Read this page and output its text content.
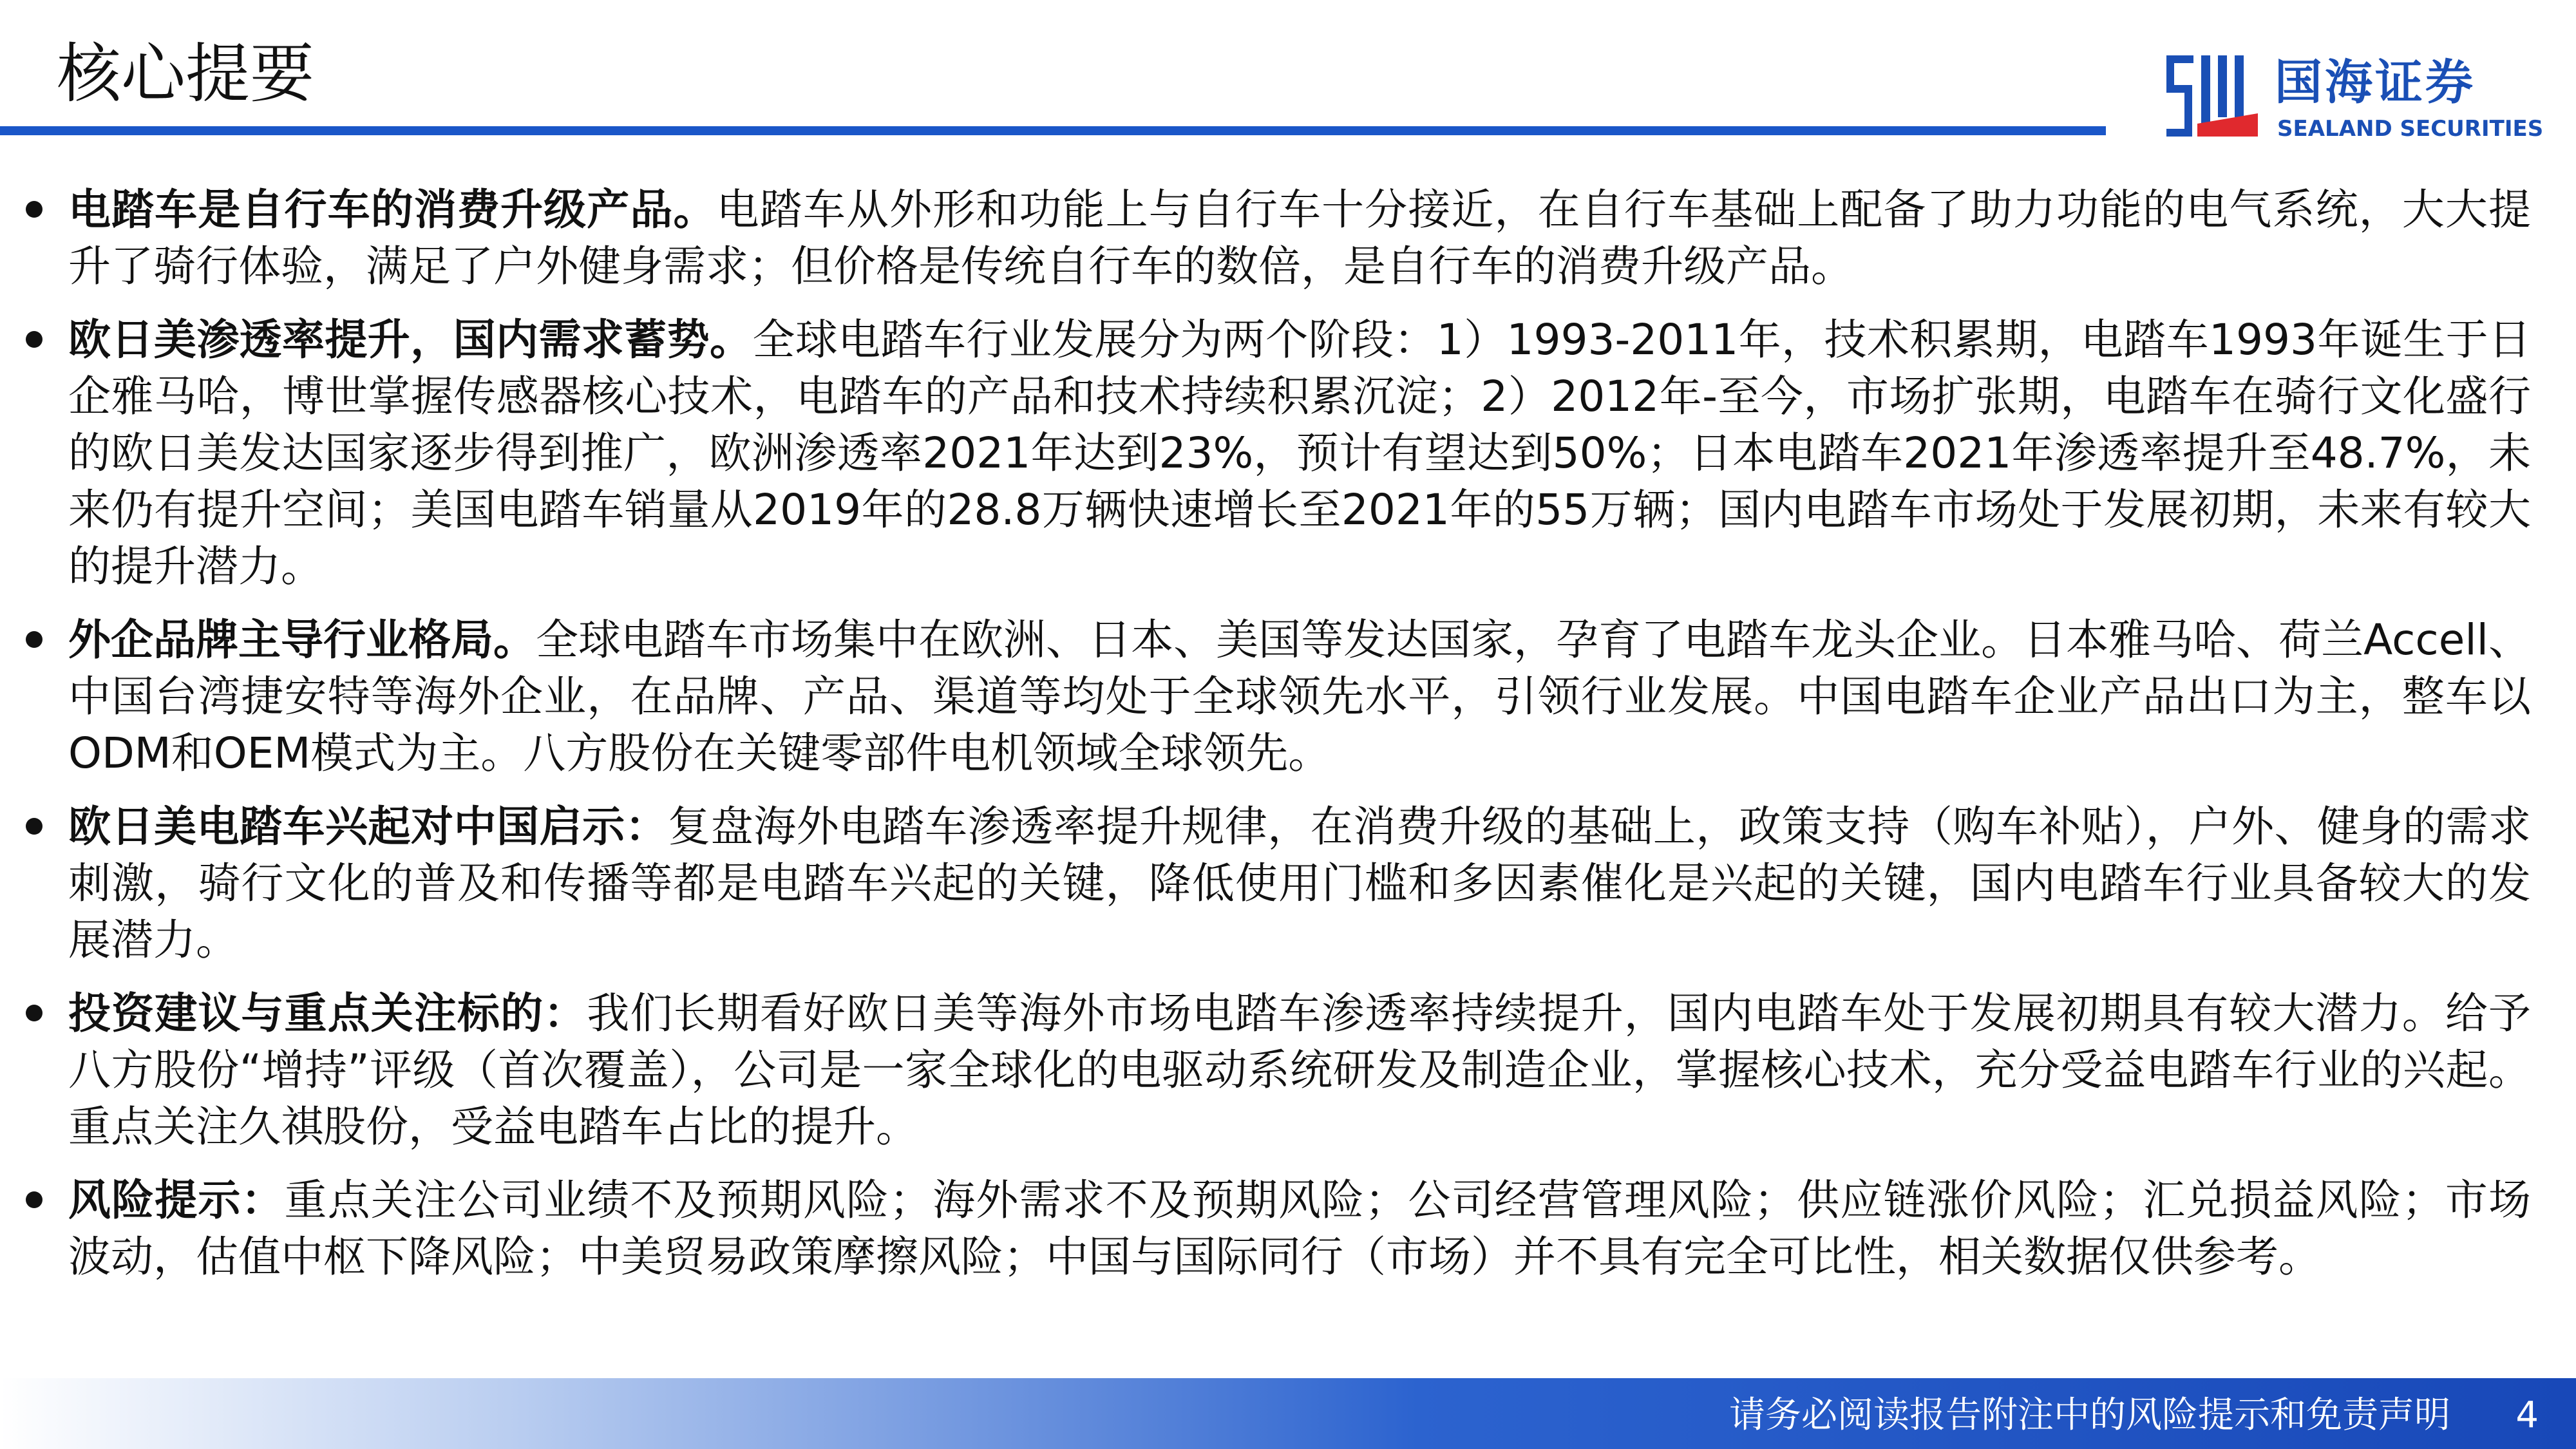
核心提要	国海证券
SEALAND SECURITIES
电踏车是自行车的消费升级产品。电踏车从外形和功能上与自行车十分接近，在自行车基础上配备了助力功能的电气系统，大大提升了骑行体验，满足了户外健身需求；但价格是传统自行车的数倍，是自行车的消费升级产品。
欧日美渗透率提升，国内需求蓄势。全球电踏车行业发展分为两个阶段：1）1993-2011年，技术积累期，电踏车1993年诞生于日企雅马哈，博世掌握传感器核心技术，电踏车的产品和技术持续积累沉淀；2）2012年-至今，市场扩张期，电踏车在骑行文化盛行的欧日美发达国家逐步得到推广，欧洲渗透率2021年达到23%，预计有望达到50%；日本电踏车2021年渗透率提升至48.7%，未来仍有提升空间；美国电踏车销量从2019年的28.8万辆快速增长至2021年的55万辆；国内电踏车市场处于发展初期，未来有较大的提升潜力。
外企品牌主导行业格局。全球电踏车市场集中在欧洲、日本、美国等发达国家，孕育了电踏车龙头企业。日本雅马哈、荷兰Accell、中国台湾捷安特等海外企业，在品牌、产品、渠道等均处于全球领先水平，引领行业发展。中国电踏车企业产品出口为主，整车以ODM和OEM模式为主。八方股份在关键零部件电机领域全球领先。
欧日美电踏车兴起对中国启示：复盘海外电踏车渗透率提升规律，在消费升级的基础上，政策支持（购车补贴），户外、健身的需求刺激，骑行文化的普及和传播等都是电踏车兴起的关键，降低使用门槛和多因素催化是兴起的关键，国内电踏车行业具备较大的发展潜力。
投资建议与重点关注标的：我们长期看好欧日美等海外市场电踏车渗透率持续提升，国内电踏车处于发展初期具有较大潜力。给予八方股份“增持”评级（首次覆盖），公司是一家全球化的电驱动系统研发及制造企业，掌握核心技术，充分受益电踏车行业的兴起。重点关注久祺股份，受益电踏车占比的提升。
风险提示：重点关注公司业绩不及预期风险；海外需求不及预期风险；公司经营管理风险；供应链涨价风险；汇兑损益风险；市场波动，估值中枢下降风险；中美贸易政策摩擦风险；中国与国际同行（市场）并不具有完全可比性，相关数据仅供参考。
请务必阅读报告附注中的风险提示和免责声明 4
